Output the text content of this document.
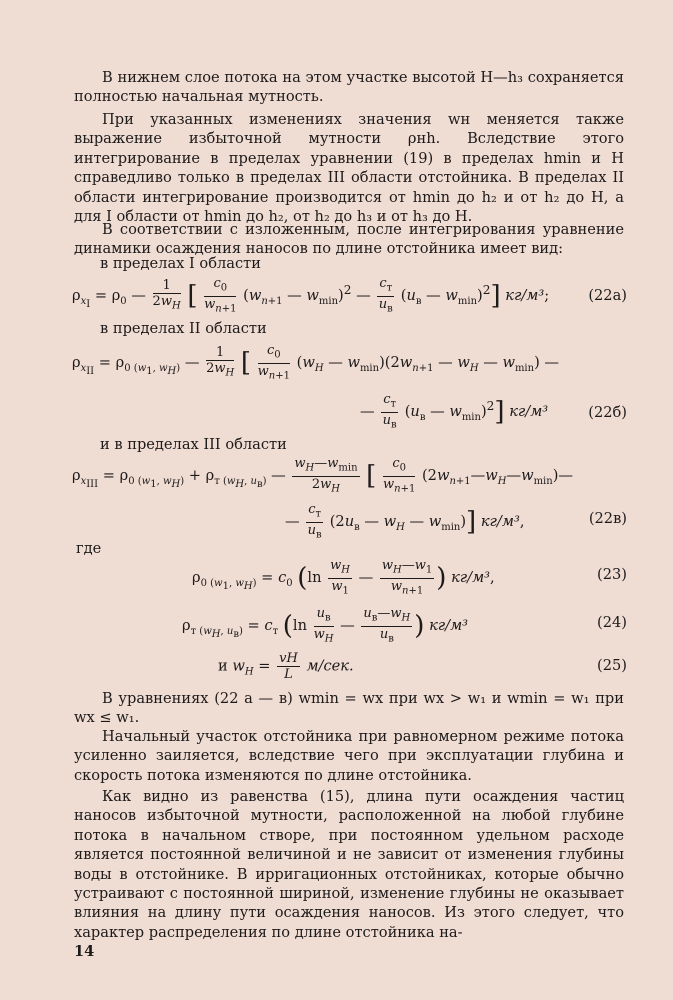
В нижнем слое потока на этом участке высотой H—h₃ сохраняется полностью начальная мутность.

При указанных изменениях значения wн меняется также выражение избыточной мутности ρнh. Вследствие этого интегрирование в пределах уравнении (19) в пределах hmin и H справедливо только в пределах III области отстойника. В пределах II области интегрирование производится от hmin до h₂ и от h₂ до H, а для I области от hmin до h₂, от h₂ до h₃ и от h₃ до H.

В соответствии с изложенным, после интегрирования уравнение динамики осаждения наносов по длине отстойника имеет вид:

в пределах I области
$\rho_{x_I} = \rho_0$ — $\frac{1}{2w_H}$ [ $\frac{c_0}{w_{n+1}} (w_{n+1}$ — $w_{min})^2$ — $\frac{c_т}{u_в} (u_в$ — $w_{min})^2$] кг/м³;	(22а)
в пределах II области
$\rho_{x_{II}} = \rho_{0 (w_1, w_H)}$ — $\frac{1}{2w_H}$ [ $\frac{c_0}{w_{n+1}} (w_H$ — $w_{min})(2w_{n+1}$ — $w_H$ — $w_{min}$) —
— $\frac{c_т}{u_в} (u_в$ — $w_{min})^2$] кг/м³	(22б)
и в пределах III области
$\rho_{x_{III}} = \rho_{0 (w_1, w_H)} + \rho_{т (w_H, u_в)}$ — $\frac{w_H—w_{min}}{2w_H}$ [ $\frac{c_0}{w_{n+1}}$ $(2w_{n+1}—w_H—w_{min})—$
— $\frac{c_т}{u_в} (2u_в$ — $w_H$ — $w_{min}$)] кг/м³,	(22в)
где
$\rho_{0 (w_1, w_H)} = c_0$ ($\ln \frac{w_H}{w_1}$ — $\frac{w_H—w_1}{w_{n+1}}$ ) кг/м³,	(23)
$\rho_{т (w_H, u_в)} = c_т$ ($\ln \frac{u_в}{w_H}$ — $\frac{u_в—w_H}{u_в}$ ) кг/м³	(24)
и $w_H = \frac{vH}{L} м/сек$.	(25)

В уравнениях (22 а — в) wmin = wx при wx > w₁ и wmin = w₁ при wx ≤ w₁.

Начальный участок отстойника при равномерном режиме потока усиленно заиляется, вследствие чего при эксплуатации глубина и скорость потока изменяются по длине отстойника.

Как видно из равенства (15), длина пути осаждения частиц наносов избыточной мутности, расположенной на любой глубине потока в начальном створе, при постоянном удельном расходе является постоянной величиной и не зависит от изменения глубины воды в отстойнике. В ирригационных отстойниках, которые обычно устраивают с постоянной шириной, изменение глубины не оказывает влияния на длину пути осаждения наносов. Из этого следует, что характер распределения по длине отстойника на-

14
